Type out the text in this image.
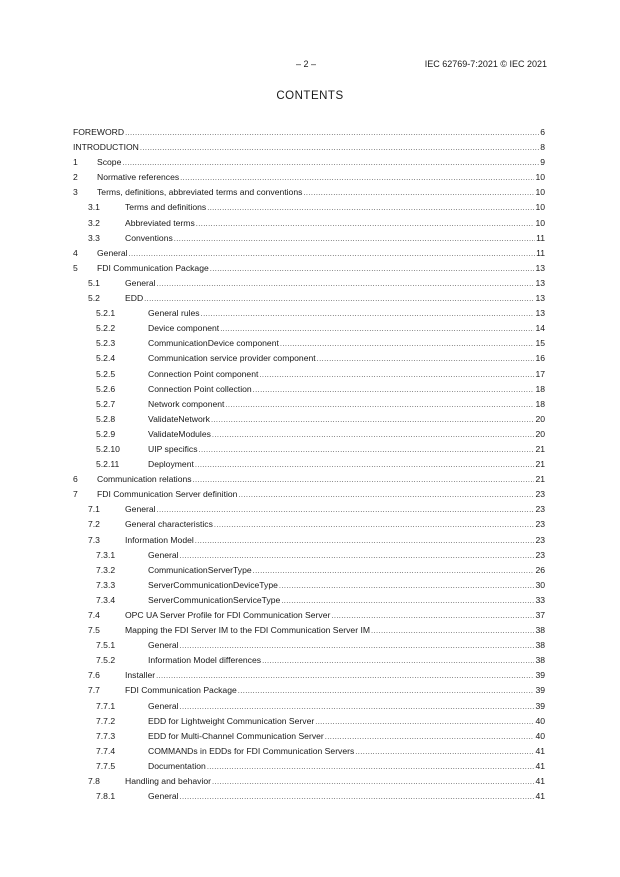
– 2 –	IEC 62769-7:2021 © IEC 2021
CONTENTS
FOREWORD .....	6
INTRODUCTION .....	8
1	Scope .....	9
2	Normative references .....	10
3	Terms, definitions, abbreviated terms and conventions .....	10
3.1	Terms and definitions .....	10
3.2	Abbreviated terms .....	10
3.3	Conventions .....	11
4	General .....	11
5	FDI Communication Package .....	13
5.1	General .....	13
5.2	EDD .....	13
5.2.1	General rules .....	13
5.2.2	Device component .....	14
5.2.3	CommunicationDevice component .....	15
5.2.4	Communication service provider component .....	16
5.2.5	Connection Point component .....	17
5.2.6	Connection Point collection .....	18
5.2.7	Network component .....	18
5.2.8	ValidateNetwork .....	20
5.2.9	ValidateModules .....	20
5.2.10	UIP specifics .....	21
5.2.11	Deployment .....	21
6	Communication relations .....	21
7	FDI Communication Server definition .....	23
7.1	General .....	23
7.2	General characteristics .....	23
7.3	Information Model .....	23
7.3.1	General .....	23
7.3.2	CommunicationServerType .....	26
7.3.3	ServerCommunicationDeviceType .....	30
7.3.4	ServerCommunicationServiceType .....	33
7.4	OPC UA Server Profile for FDI Communication Server .....	37
7.5	Mapping the FDI Server IM to the FDI Communication Server IM .....	38
7.5.1	General .....	38
7.5.2	Information Model differences .....	38
7.6	Installer .....	39
7.7	FDI Communication Package .....	39
7.7.1	General .....	39
7.7.2	EDD for Lightweight Communication Server .....	40
7.7.3	EDD for Multi-Channel Communication Server .....	40
7.7.4	COMMANDs in EDDs for FDI Communication Servers .....	41
7.7.5	Documentation .....	41
7.8	Handling and behavior .....	41
7.8.1	General .....	41
